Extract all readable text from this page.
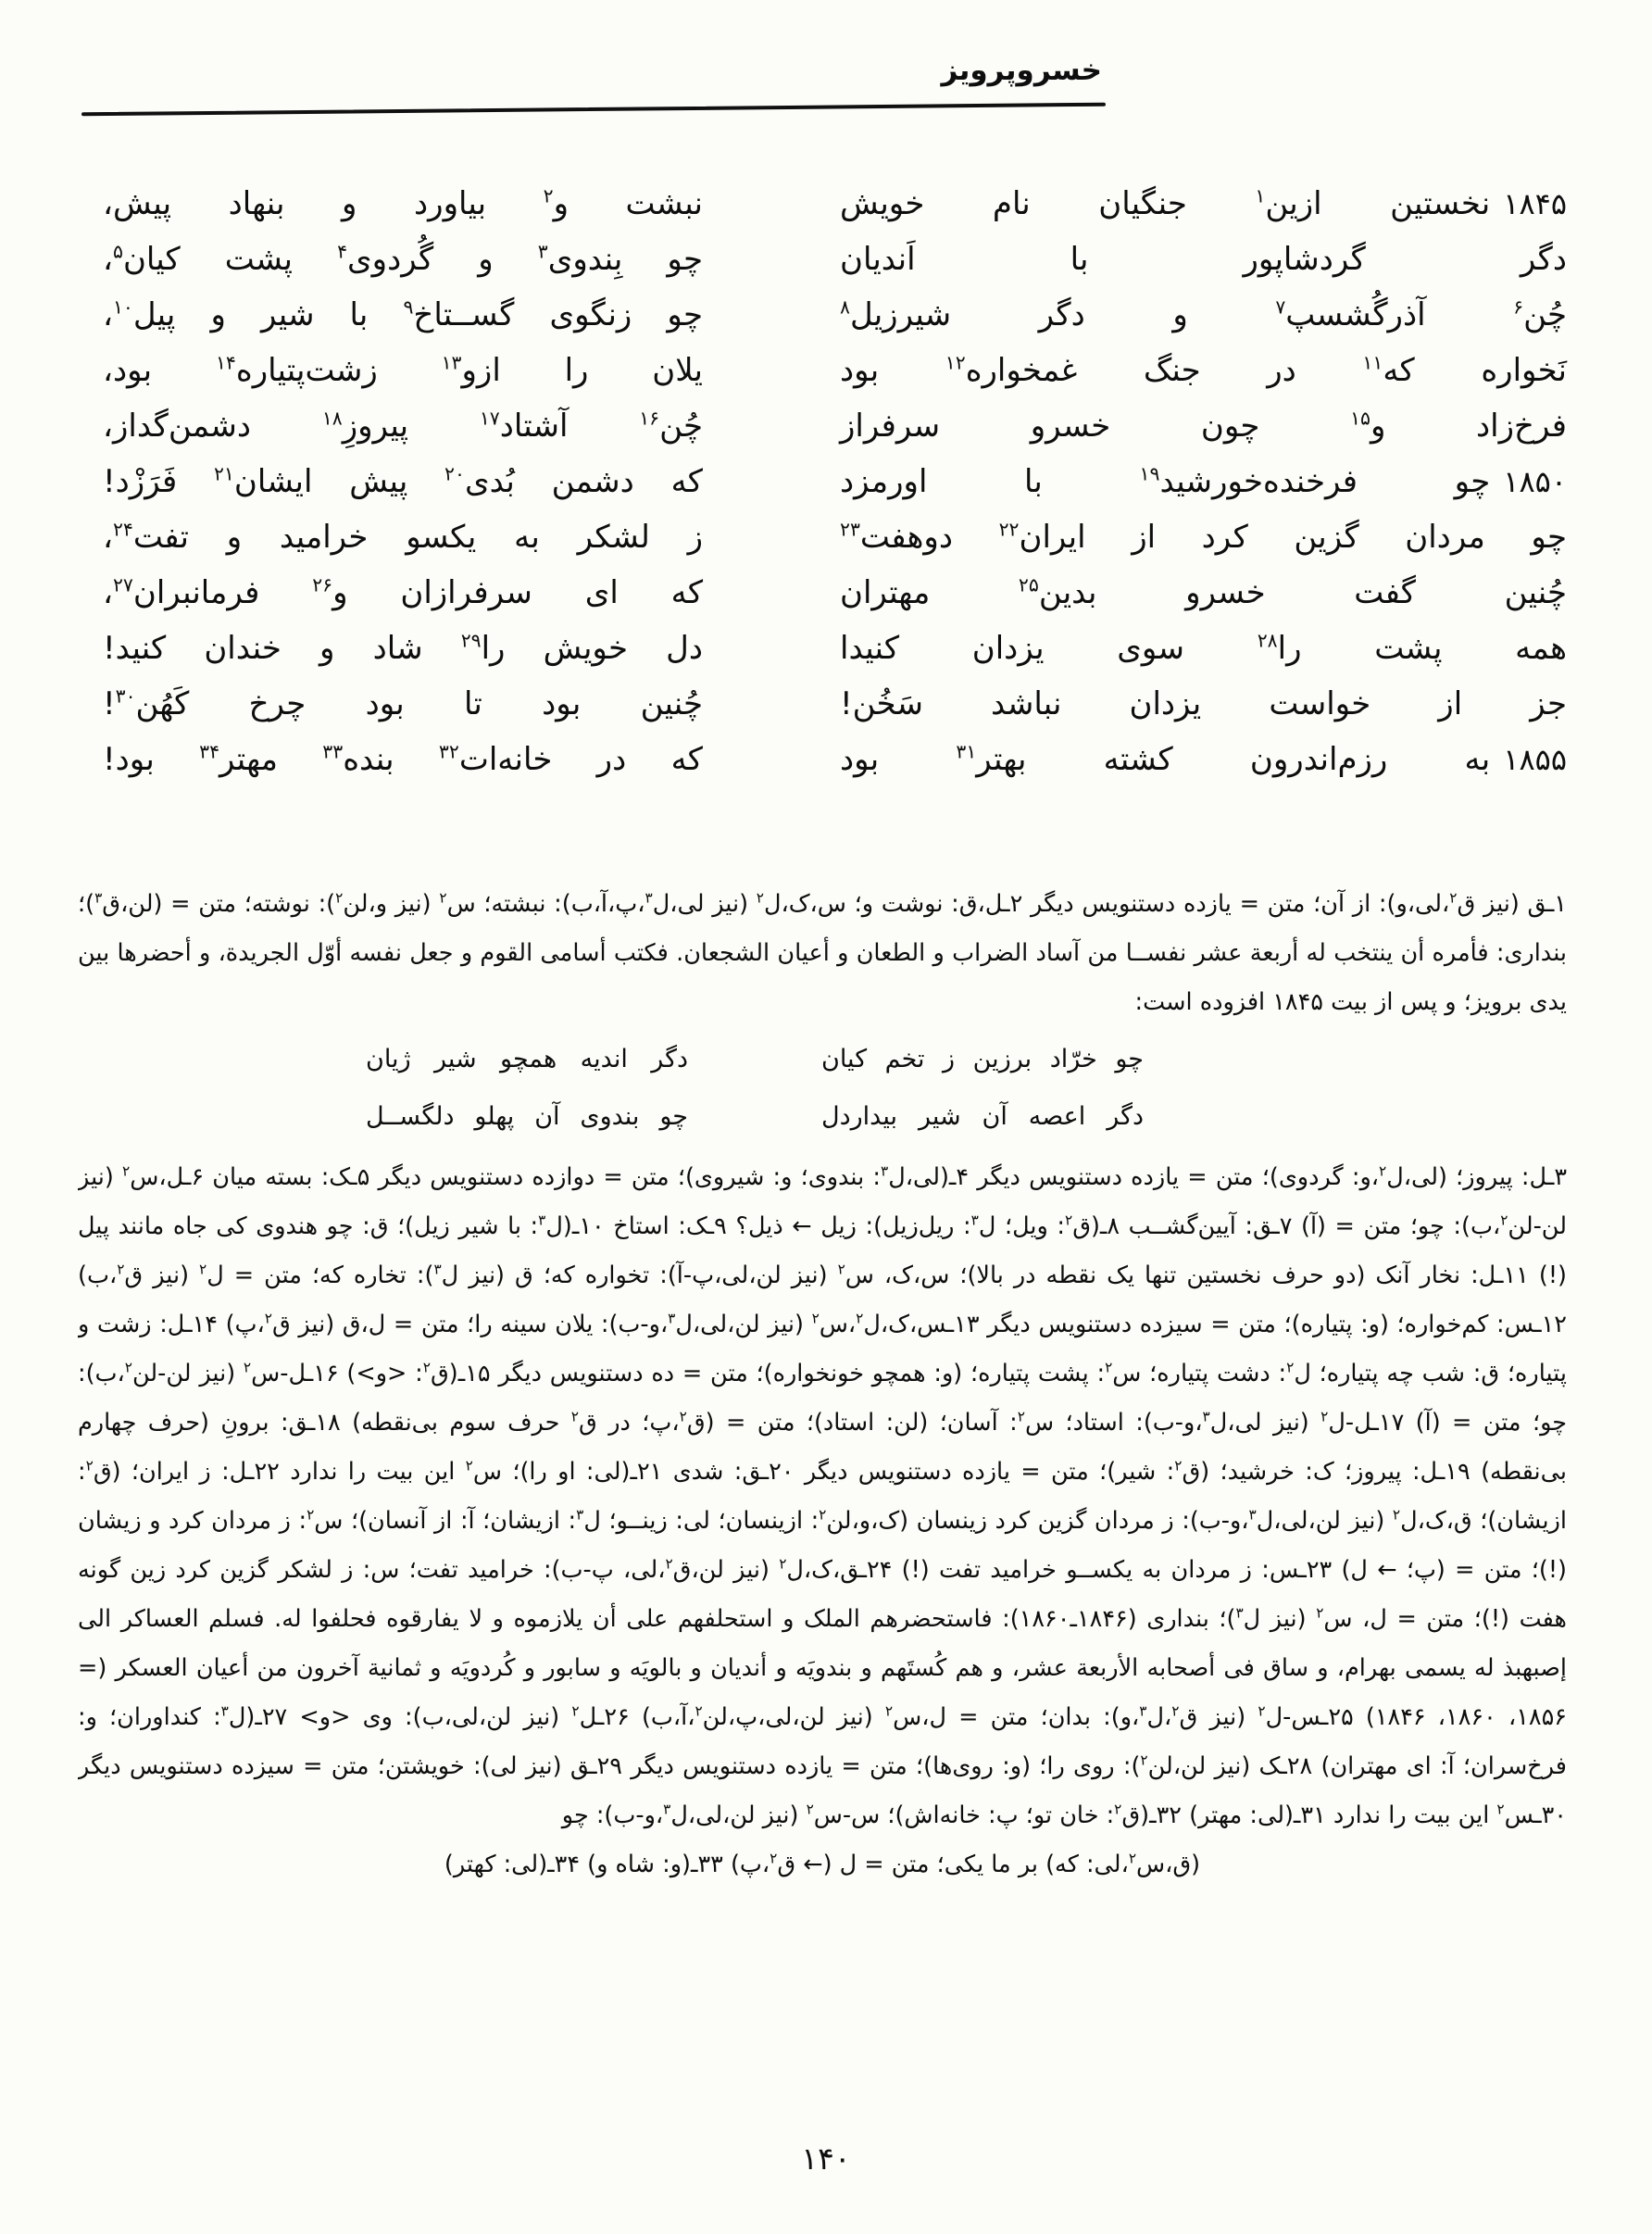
خسروپرویز
۱۸۴۵
نخستین ازین$^۱$ جنگیان نام خویش
نبشت و$^۲$ بیاورد و بنهاد پیش،
دگر گردشاپور با اَندیان
چو بِندوی$^۳$ و گُردوی$^۴$ پشت کیان$^۵$،
چُن$^۶$ آذرگُشسپ$^۷$ و دگر شیرزیل$^۸$
چو زنگوی گســتاخ$^۹$ با شیر و پیل$^{۱۰}$،
نَخواره که$^{۱۱}$ در جنگ غمخواره$^{۱۲}$ بود
یلان را ازو$^{۱۳}$ زشت‌پتیاره$^{۱۴}$ بود،
فرخ‌زاد و$^{۱۵}$ چون خسرو سرفراز
چُن$^{۱۶}$ آشتاد$^{۱۷}$ پیروزِ$^{۱۸}$ دشمن‌گداز،
۱۸۵۰
چو فرخنده‌خورشید$^{۱۹}$ با اورمزد
که دشمن بُدی$^{۲۰}$ پیش ایشان$^{۲۱}$ فَرَزْد!
چو مردان گزین کرد از ایران$^{۲۲}$ دوهفت$^{۲۳}$
ز لشکر به یکسو خرامید و تفت$^{۲۴}$،
چُنین گفت خسرو بدین$^{۲۵}$ مهتران
که ای سرفرازان و$^{۲۶}$ فرمانبران$^{۲۷}$،
همه پشت را$^{۲۸}$ سوی یزدان کنیدا
دل خویش را$^{۲۹}$ شاد و خندان کنید!
جز از خواست یزدان نباشد سَخُن!
چُنین بود تا بود چرخ کَهُن$^{۳۰}$!
۱۸۵۵
به رزم‌اندرون کشته بهتر$^{۳۱}$ بود
که در خانه‌ات$^{۳۲}$ بنده$^{۳۳}$ مهتر$^{۳۴}$ بود!

۱ـق (نیز ق$^۲$،لی،و): از آن؛ متن = یازده دستنویس دیگر ۲ـل،ق: نوشت و؛ س،ک،ل$^۲$ (نیز لی،ل$^۳$،پ،آ،ب): نبشته؛ س$^۲$ (نیز و،لن$^۲$): نوشته؛ متن = (لن،ق$^۳$)؛ بنداری: فأمره أن ینتخب له أربعة عشر نفســا من آساد الضراب و الطعان و أعیان الشجعان. فکتب أسامی القوم و جعل نفسه أوّل الجریدة، و أحضرها بین یدی برویز؛ و پس از بیت ۱۸۴۵ افزوده است:

چو خرّاد برزین ز تخم کیان
دگر اندیه همچو شیر ژیان
دگر اعصه آن شیر بیداردل
چو بندوی آن پهلو دلگســل

۳ـل: پیروز؛ (لی،ل$^۲$،و: گردوی)؛ متن = یازده دستنویس دیگر ۴ـ(لی،ل$^۳$: بندوی؛ و: شیروی)؛ متن = دوازده دستنویس دیگر ۵ـک: بسته میان ۶ـل،س$^۲$ (نیز لن-لن$^۲$،ب): چو؛ متن = (آ) ۷ـق: آیین‌گشــب ۸ـ(ق$^۲$: ویل؛ ل$^۳$: ریل‌زیل): زیل ← ذیل؟ ۹ـک: استاخ ۱۰ـ(ل$^۳$: با شیر زیل)؛ ق: چو هندوی کی جاه مانند پیل (!) ۱۱ـل: نخار آنک (دو حرف نخستین تنها یک نقطه در بالا)؛ س،ک، س$^۲$ (نیز لن،لی،پ-آ): تخواره که؛ ق (نیز ل$^۳$): تخاره که؛ متن = ل$^۲$ (نیز ق$^۲$،ب) ۱۲ـس: کم‌خواره؛ (و: پتیاره)؛ متن = سیزده دستنویس دیگر ۱۳ـس،ک،ل$^۲$،س$^۲$ (نیز لن،لی،ل$^۳$،و-ب): یلان سینه را؛ متن = ل،ق (نیز ق$^۲$،پ) ۱۴ـل: زشت و پتیاره؛ ق: شب چه پتیاره؛ ل$^۲$: دشت پتیاره؛ س$^۲$: پشت پتیاره؛ (و: همچو خونخواره)؛ متن = ده دستنویس دیگر ۱۵ـ(ق$^۲$: <و>) ۱۶ـل-س$^۲$ (نیز لن-لن$^۲$،ب): چو؛ متن = (آ) ۱۷ـل-ل$^۲$ (نیز لی،ل$^۳$،و-ب): استاد؛ س$^۲$: آسان؛ (لن: استاد)؛ متن = (ق$^۲$،پ؛ در ق$^۲$ حرف سوم بی‌نقطه) ۱۸ـق: برونِ (حرف چهارم بی‌نقطه) ۱۹ـل: پیروز؛ ک: خرشید؛ (ق$^۲$: شیر)؛ متن = یازده دستنویس دیگر ۲۰ـق: شدی ۲۱ـ(لی: او را)؛ س$^۲$ این بیت را ندارد ۲۲ـل: ز ایران؛ (ق$^۲$: ازیشان)؛ ق،ک،ل$^۲$ (نیز لن،لی،ل$^۳$،و-ب): ز مردان گزین کرد زینسان (ک،و،لن$^۲$: ازینسان؛ لی: زینــو؛ ل$^۳$: ازیشان؛ آ: از آنسان)؛ س$^۲$: ز مردان کرد و زیشان (!)؛ متن = (پ؛ ← ل) ۲۳ـس: ز مردان به یکســو خرامید تفت (!) ۲۴ـق،ک،ل$^۲$ (نیز لن،ق$^۲$،لی، پ-ب): خرامید تفت؛ س: ز لشکر گزین کرد زین گونه هفت (!)؛ متن = ل، س$^۲$ (نیز ل$^۳$)؛ بنداری (۱۸۴۶ـ۱۸۶۰): فاستحضرهم الملک و استحلفهم علی أن یلازموه و لا یفارقوه فحلفوا له. فسلم العساکر الی إصبهبذ له یسمی بهرام، و ساق فی أصحابه الأربعة عشر، و هم کُستَهم و بندویَه و أندیان و بالویَه و سابور و کُردویَه و ثمانیة آخرون من أعیان العسکر (= ۱۸۵۶، ۱۸۶۰، ۱۸۴۶) ۲۵ـس-ل$^۲$ (نیز ق$^۲$،ل$^۳$،و): بدان؛ متن = ل،س$^۲$ (نیز لن،لی،پ،لن$^۲$،آ،ب) ۲۶ـل$^۲$ (نیز لن،لی،ب): وی <و> ۲۷ـ(ل$^۳$: کنداوران؛ و: فرخ‌سران؛ آ: ای مهتران) ۲۸ـک (نیز لن،لن$^۲$): روی را؛ (و: روی‌ها)؛ متن = یازده دستنویس دیگر ۲۹ـق (نیز لی): خویشتن؛ متن = سیزده دستنویس دیگر ۳۰ـس$^۲$ این بیت را ندارد ۳۱ـ(لی: مهتر) ۳۲ـ(ق$^۲$: خان تو؛ پ: خانه‌اش)؛ س-س$^۲$ (نیز لن،لی،ل$^۳$،و-ب): چو

(ق،س$^۲$،لی: که) بر ما یکی؛ متن = ل (← ق$^۲$،پ) ۳۳ـ(و: شاه و) ۳۴ـ(لی: کهتر)

۱۴۰
